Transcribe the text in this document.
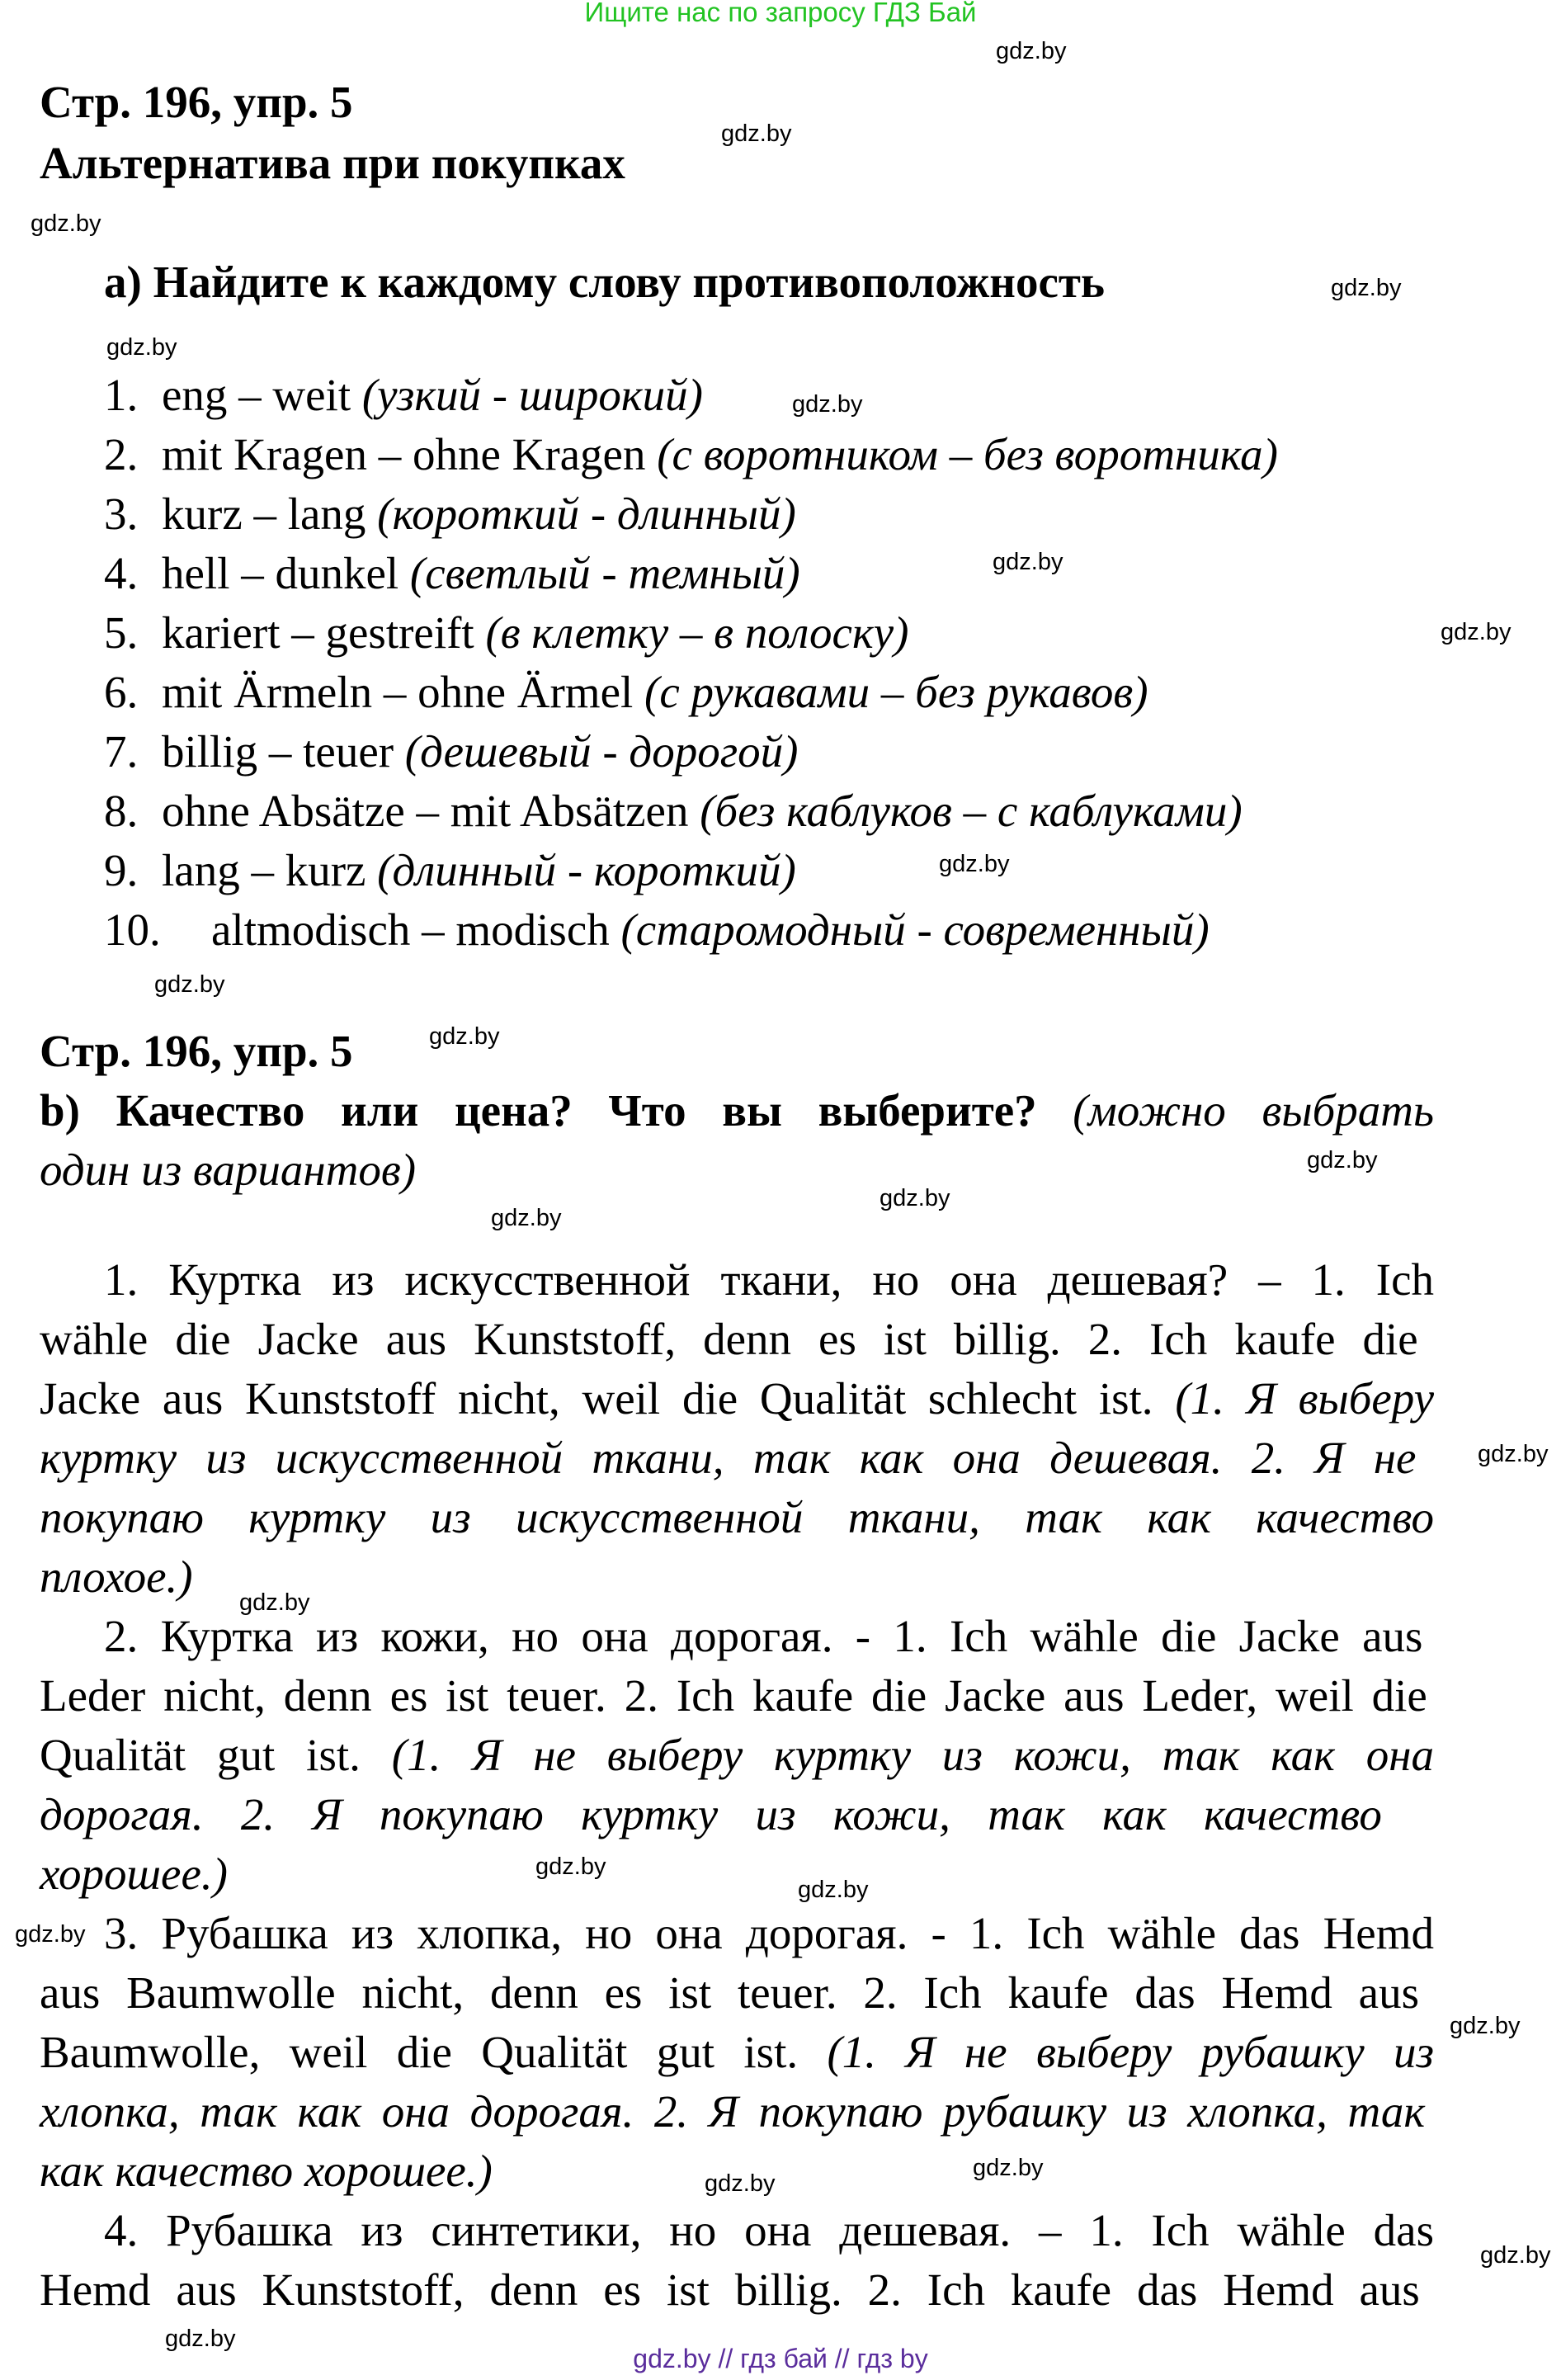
Ищите нас по запросу ГДЗ Бай
Стр. 196, упр. 5
Альтернатива при покупках
a) Найдите к каждому слову противоположность
1. eng – weit (узкий - широкий)
2. mit Kragen – ohne Kragen (с воротником – без воротника)
3. kurz – lang (короткий - длинный)
4. hell – dunkel (светлый - темный)
5. kariert – gestreift (в клетку – в полоску)
6. mit Ärmeln – ohne Ärmel (с рукавами – без рукавов)
7. billig – teuer (дешевый - дорогой)
8. ohne Absätze – mit Absätzen (без каблуков – с каблуками)
9. lang – kurz (длинный - короткий)
10. altmodisch – modisch (старомодный - современный)
Стр. 196, упр. 5
b) Качество или цена? Что вы выберите? (можно выбрать
один из вариантов)
1. Куртка из искусственной ткани, но она дешевая? – 1. Ich
wähle die Jacke aus Kunststoff, denn es ist billig. 2. Ich kaufe die
Jacke aus Kunststoff nicht, weil die Qualität schlecht ist. (1. Я выберу
куртку из искусственной ткани, так как она дешевая. 2. Я не
покупаю куртку из искусственной ткани, так как качество
плохое.)
2. Куртка из кожи, но она дорогая. - 1. Ich wähle die Jacke aus
Leder nicht, denn es ist teuer. 2. Ich kaufe die Jacke aus Leder, weil die
Qualität gut ist. (1. Я не выберу куртку из кожи, так как она
дорогая. 2. Я покупаю куртку из кожи, так как качество
хорошее.)
3. Рубашка из хлопка, но она дорогая. - 1. Ich wähle das Hemd
aus Baumwolle nicht, denn es ist teuer. 2. Ich kaufe das Hemd aus
Baumwolle, weil die Qualität gut ist. (1. Я не выберу рубашку из
хлопка, так как она дорогая. 2. Я покупаю рубашку из хлопка, так
как качество хорошее.)
4. Рубашка из синтетики, но она дешевая. – 1. Ich wähle das
Hemd aus Kunststoff, denn es ist billig. 2. Ich kaufe das Hemd aus
gdz.by
gdz.by
gdz.by
gdz.by
gdz.by
gdz.by
gdz.by
gdz.by
gdz.by
gdz.by
gdz.by
gdz.by
gdz.by
gdz.by
gdz.by
gdz.by
gdz.by
gdz.by
gdz.by
gdz.by
gdz.by
gdz.by
gdz.by
gdz.by
gdz.by // гдз бай // гдз by
